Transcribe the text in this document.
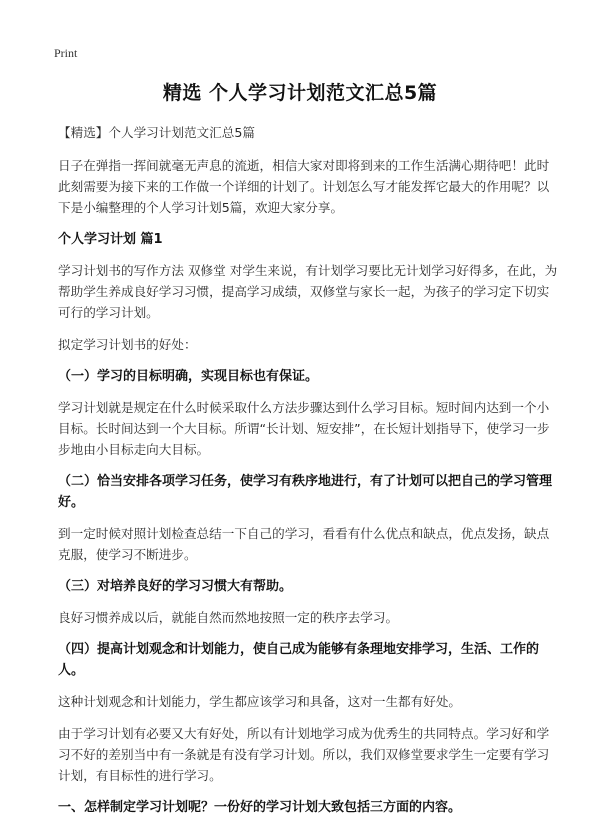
Print
精选 个人学习计划范文汇总5篇

【精选】个人学习计划范文汇总5篇

日子在弹指一挥间就毫无声息的流逝，相信大家对即将到来的工作生活满心期待吧！此时此刻需要为接下来的工作做一个详细的计划了。计划怎么写才能发挥它最大的作用呢？以下是小编整理的个人学习计划5篇，欢迎大家分享。

个人学习计划 篇1

学习计划书的写作方法 双修堂 对学生来说，有计划学习要比无计划学习好得多，在此，为帮助学生养成良好学习习惯，提高学习成绩，双修堂与家长一起，为孩子的学习定下切实可行的学习计划。

拟定学习计划书的好处：

（一）学习的目标明确，实现目标也有保证。

学习计划就是规定在什么时候采取什么方法步骤达到什么学习目标。短时间内达到一个小目标。长时间达到一个大目标。所谓“长计划、短安排”，在长短计划指导下，使学习一步步地由小目标走向大目标。

（二）恰当安排各项学习任务，使学习有秩序地进行，有了计划可以把自己的学习管理好。

到一定时候对照计划检查总结一下自己的学习，看看有什么优点和缺点，优点发扬，缺点克服，使学习不断进步。

（三）对培养良好的学习习惯大有帮助。

良好习惯养成以后，就能自然而然地按照一定的秩序去学习。

（四）提高计划观念和计划能力，使自己成为能够有条理地安排学习，生活、工作的人。

这种计划观念和计划能力，学生都应该学习和具备，这对一生都有好处。

由于学习计划有必要又大有好处，所以有计划地学习成为优秀生的共同特点。学习好和学习不好的差别当中有一条就是有没有学习计划。所以，我们双修堂要求学生一定要有学习计划，有目标性的进行学习。

一、怎样制定学习计划呢？一份好的学习计划大致包括三方面的内容。
